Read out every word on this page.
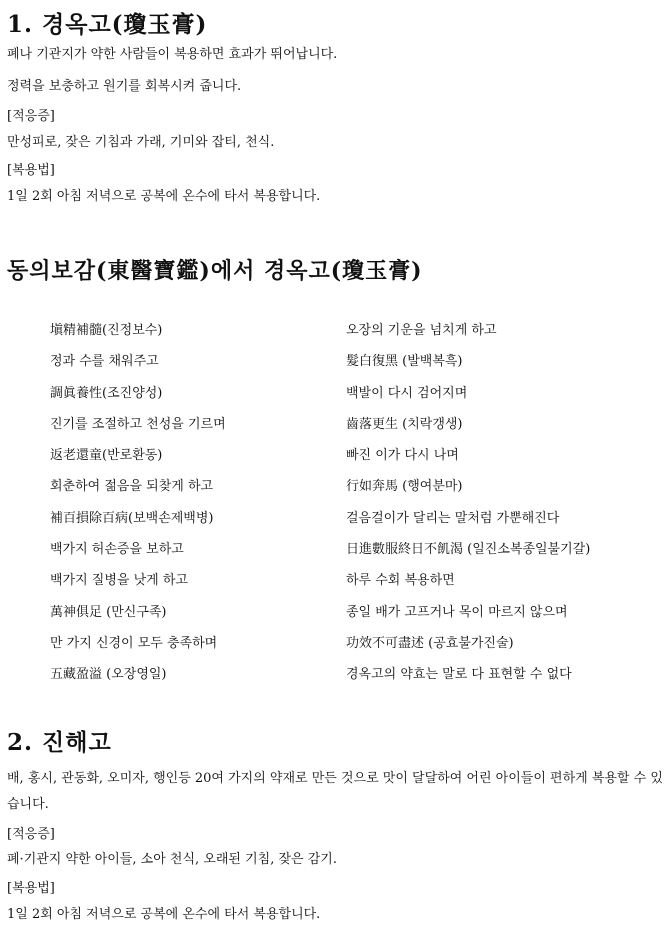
1. 경옥고(瓊玉膏)
폐나 기관지가 약한 사람들이 복용하면 효과가 뛰어납니다.
정력을 보충하고 원기를 회복시켜 줍니다.
[적응증]
만성피로, 잦은 기침과 가래, 기미와 잡티, 천식.
[복용법]
1일 2회 아침 저녁으로 공복에 온수에 타서 복용합니다.
동의보감(東醫寶鑑)에서 경옥고(瓊玉膏)
塡精補髓(진정보수)	오장의 기운을 넘치게 하고
정과 수를 채워주고	髮白復黑 (발백복흑)
調眞養性(조진양성)	백발이 다시 검어지며
진기를 조절하고 천성을 기르며	齒落更生 (치락갱생)
返老還童(반로환동)	빠진 이가 다시 나며
회춘하여 젊음을 되찾게 하고	行如奔馬 (행여분마)
補百損除百病(보백손제백병)	걸음걸이가 달리는 말처럼 가뿐해진다
백가지 허손증을 보하고	日進數服終日不飢渴 (일진소복종일불기갈)
백가지 질병을 낫게 하고	하루 수회 복용하면
萬神俱足 (만신구족)	종일 배가 고프거나 목이 마르지 않으며
만 가지 신경이 모두 충족하며	功效不可盡述 (공효불가진술)
五藏盈溢 (오장영일)	경옥고의 약효는 말로 다 표현할 수 없다
2. 진해고
배, 홍시, 관동화, 오미자, 행인등 20여 가지의 약재로 만든 것으로 맛이 달달하여 어린 아이들이 편하게 복용할 수 있습니다.
[적응증]
폐·기관지 약한 아이들, 소아 천식, 오래된 기침, 잦은 감기.
[복용법]
1일 2회 아침 저녁으로 공복에 온수에 타서 복용합니다.
